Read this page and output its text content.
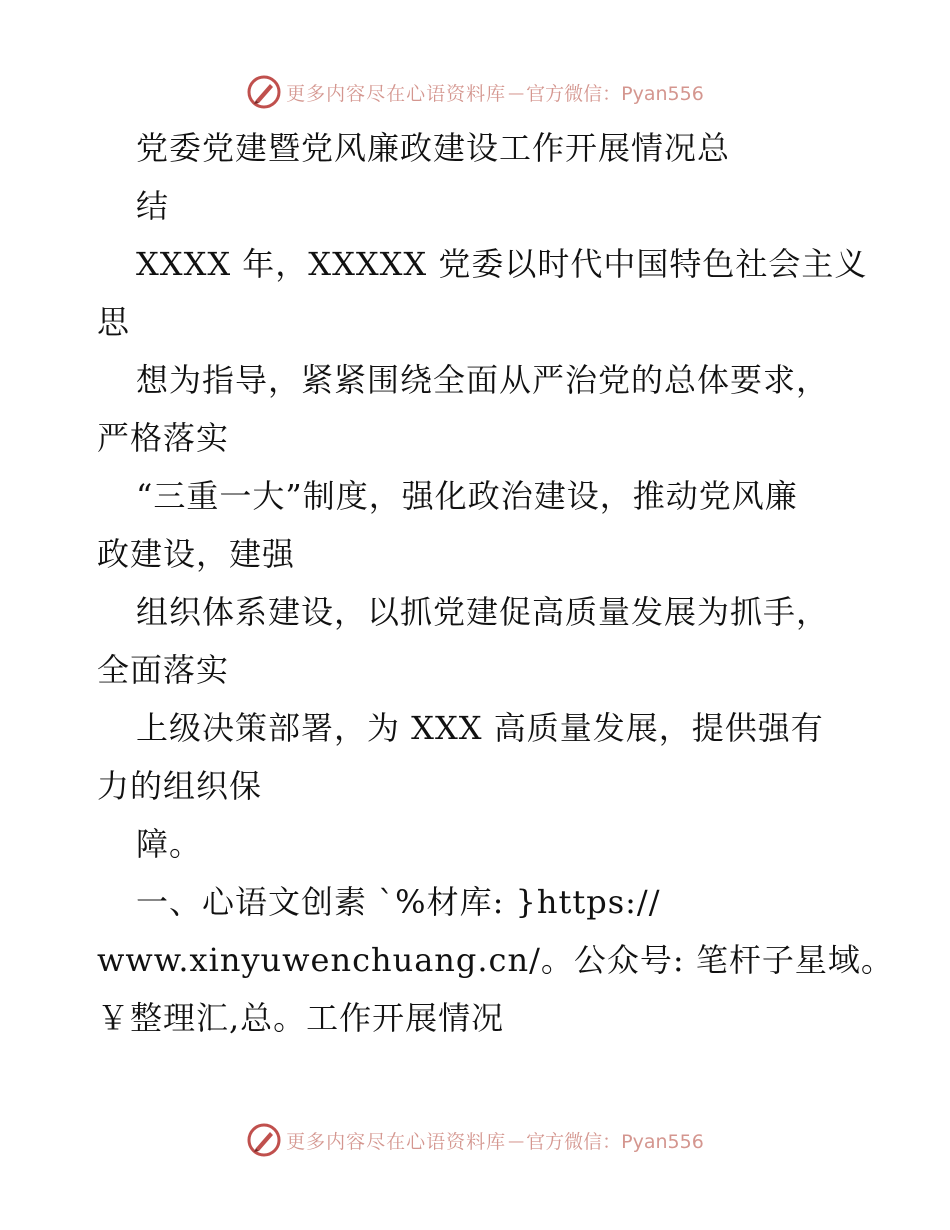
更多内容尽在心语资料库 — 官方微信：Pyan556
党委党建暨党风廉政建设工作开展情况总
结
XXXX 年，XXXXX 党委以时代中国特色社会主义
思
想为指导，紧紧围绕全面从严治党的总体要求，
严格落实
“三重一大”制度，强化政治建设，推动党风廉
政建设，建强
组织体系建设，以抓党建促高质量发展为抓手，
全面落实
上级决策部署，为 XXX 高质量发展，提供强有
力的组织保
障。
一、心语文创素 `%材库: }https://
www.xinyuwenchuang.cn/。公众号: 笔杆子星域。
￥整理汇,总。工作开展情况
更多内容尽在心语资料库 — 官方微信：Pyan556
